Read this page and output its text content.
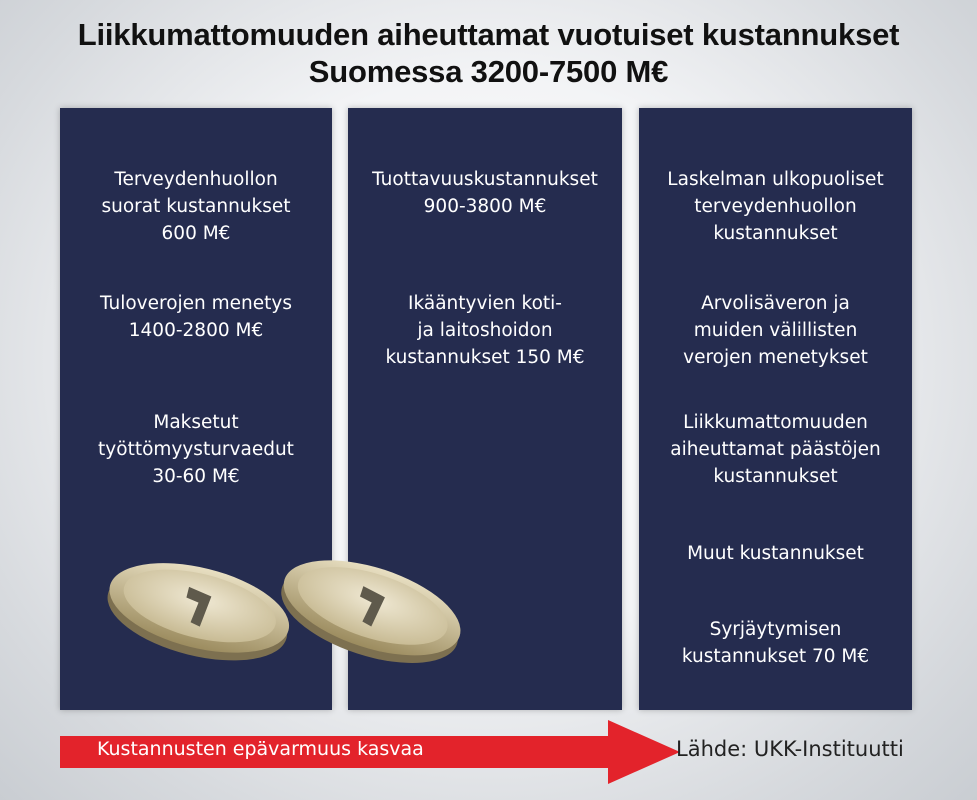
Liikkumattomuuden aiheuttamat vuotuiset kustannukset
Suomessa 3200-7500 M€
Terveydenhuollon
suorat kustannukset
600 M€
Tuloverojen menetys
1400-2800 M€
Maksetut
työttömyysturvaedut
30-60 M€
Tuottavuuskustannukset
900-3800 M€
Ikääntyvien koti-
ja laitoshoidon
kustannukset 150 M€
Laskelman ulkopuoliset
terveydenhuollon
kustannukset
Arvolisäveron ja
muiden välillisten
verojen menetykset
Liikkumattomuuden
aiheuttamat päästöjen
kustannukset
Muut kustannukset
Syrjäytymisen
kustannukset 70 M€
Kustannusten epävarmuus kasvaa	Lähde: UKK-Instituutti
